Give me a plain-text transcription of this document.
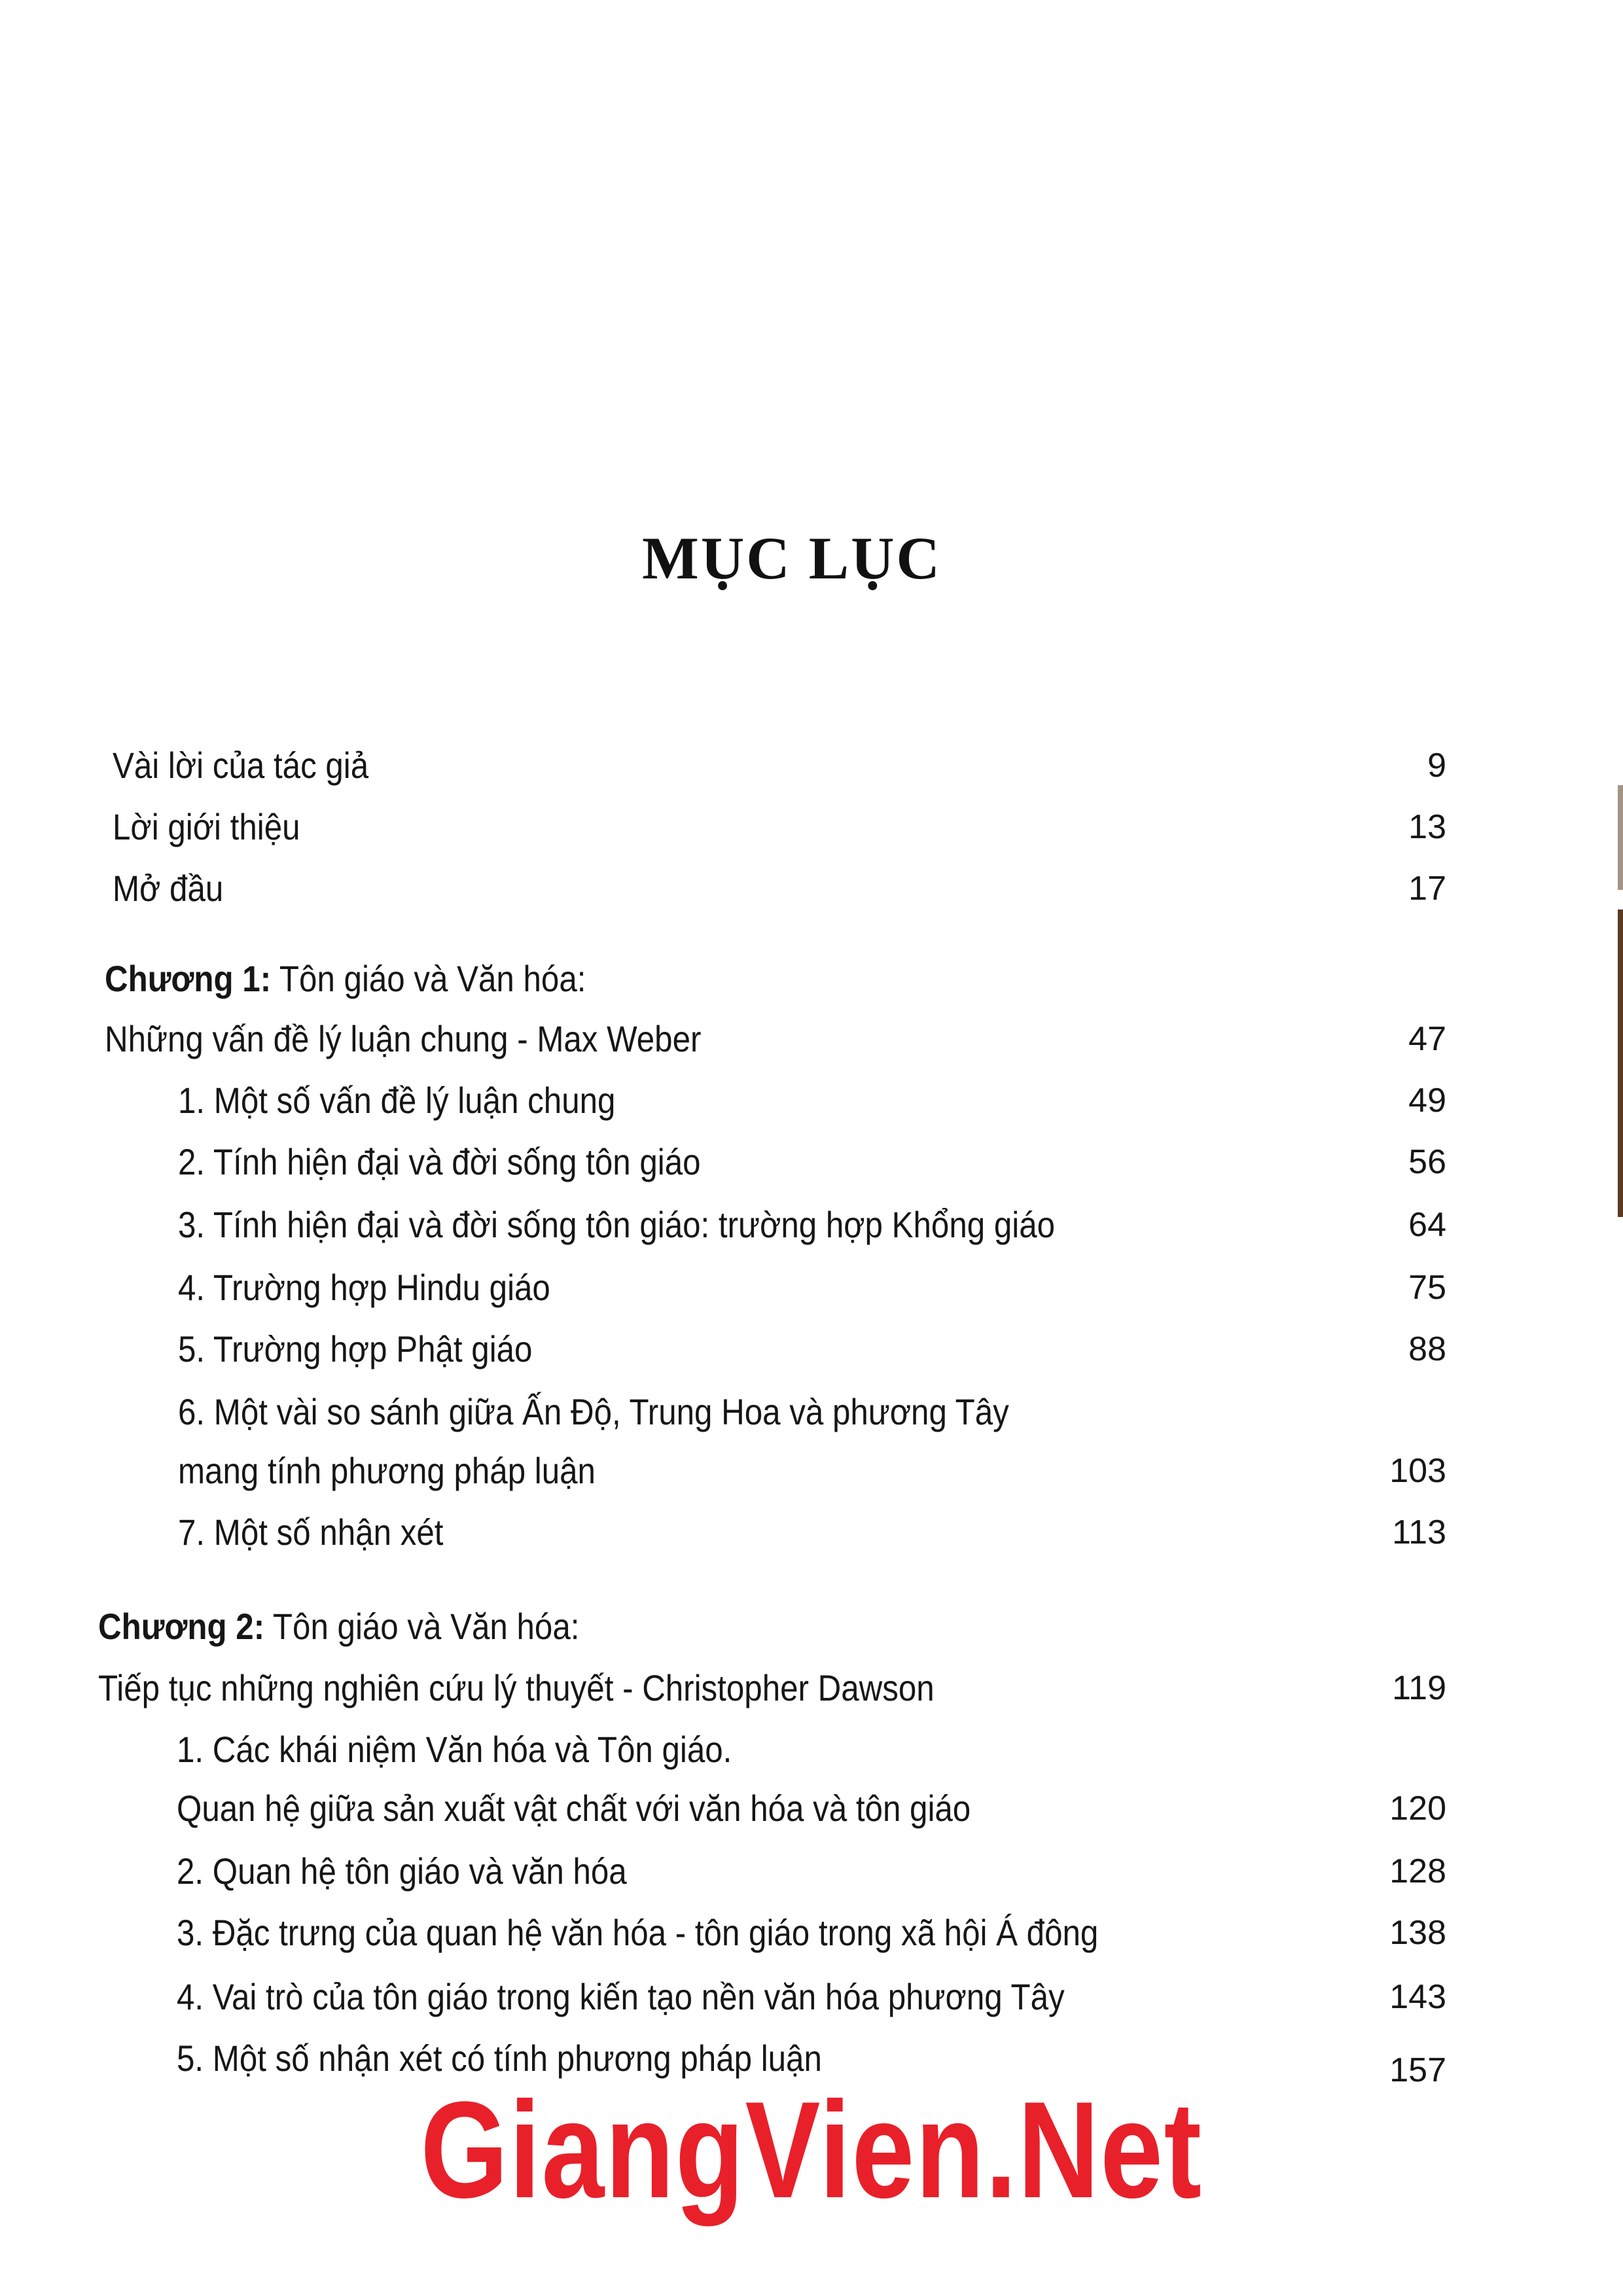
MỤC LỤC
Vài lời của tác giả	9
Lời giới thiệu	13
Mở đầu	17
Chương 1: Tôn giáo và Văn hóa:
Những vấn đề lý luận chung - Max Weber	47
1. Một số vấn đề lý luận chung	49
2. Tính hiện đại và đời sống tôn giáo	56
3. Tính hiện đại và đời sống tôn giáo: trường hợp Khổng giáo	64
4. Trường hợp Hindu giáo	75
5. Trường hợp Phật giáo	88
6. Một vài so sánh giữa Ấn Độ, Trung Hoa và phương Tây
mang tính phương pháp luận	103
7. Một số nhận xét	113
Chương 2: Tôn giáo và Văn hóa:
Tiếp tục những nghiên cứu lý thuyết - Christopher Dawson	119
1. Các khái niệm Văn hóa và Tôn giáo.
Quan hệ giữa sản xuất vật chất với văn hóa và tôn giáo	120
2. Quan hệ tôn giáo và văn hóa	128
3. Đặc trưng của quan hệ văn hóa - tôn giáo trong xã hội Á đông	138
4. Vai trò của tôn giáo trong kiến tạo nền văn hóa phương Tây	143
5. Một số nhận xét có tính phương pháp luận	157
GiangVien.Net
